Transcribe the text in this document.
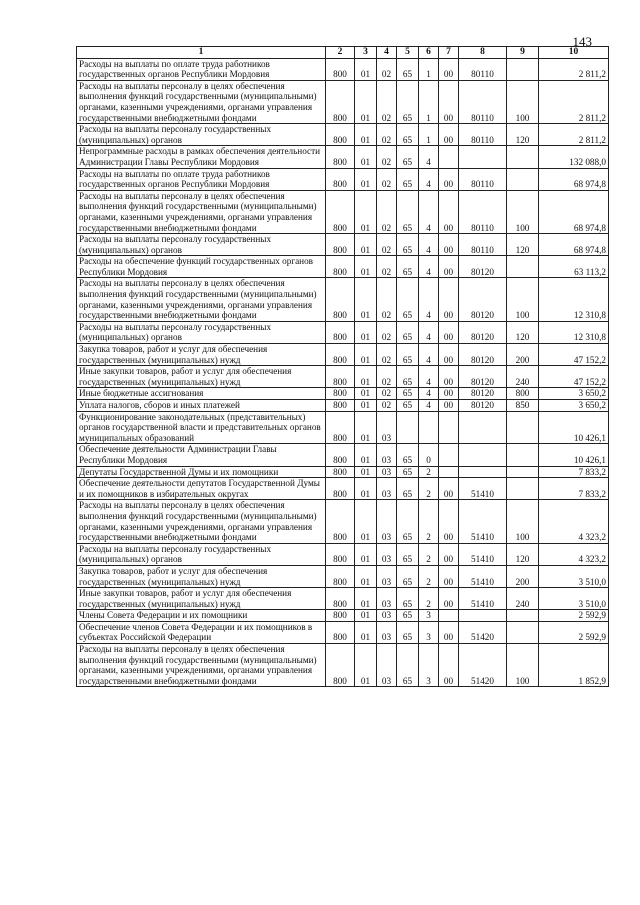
143
1	2	3	4	5	6	7	8	9	10
Расходы на выплаты по оплате труда работников государственных органов Республики Мордовия	800	01	02	65	1	00	80110		2 811,2
Расходы на выплаты персоналу в целях обеспечения выполнения функций государственными (муниципальными) органами, казенными учреждениями, органами управления государственными внебюджетными фондами	800	01	02	65	1	00	80110	100	2 811,2
Расходы на выплаты персоналу государственных (муниципальных) органов	800	01	02	65	1	00	80110	120	2 811,2
Непрограммные расходы в рамках обеспечения деятельности Администрации Главы Республики Мордовия	800	01	02	65	4				132 088,0
Расходы на выплаты по оплате труда работников государственных органов Республики Мордовия	800	01	02	65	4	00	80110		68 974,8
Расходы на выплаты персоналу в целях обеспечения выполнения функций государственными (муниципальными) органами, казенными учреждениями, органами управления государственными внебюджетными фондами	800	01	02	65	4	00	80110	100	68 974,8
Расходы на выплаты персоналу государственных (муниципальных) органов	800	01	02	65	4	00	80110	120	68 974,8
Расходы на обеспечение функций государственных органов Республики Мордовия	800	01	02	65	4	00	80120		63 113,2
Расходы на выплаты персоналу в целях обеспечения выполнения функций государственными (муниципальными) органами, казенными учреждениями, органами управления государственными внебюджетными фондами	800	01	02	65	4	00	80120	100	12 310,8
Расходы на выплаты персоналу государственных (муниципальных) органов	800	01	02	65	4	00	80120	120	12 310,8
Закупка товаров, работ и услуг для обеспечения государственных (муниципальных) нужд	800	01	02	65	4	00	80120	200	47 152,2
Иные закупки товаров, работ и услуг для обеспечения государственных (муниципальных) нужд	800	01	02	65	4	00	80120	240	47 152,2
Иные бюджетные ассигнования	800	01	02	65	4	00	80120	800	3 650,2
Уплата налогов, сборов и иных платежей	800	01	02	65	4	00	80120	850	3 650,2
Функционирование законодательных (представительных) органов государственной власти и представительных органов муниципальных образований	800	01	03						10 426,1
Обеспечение деятельности Администрации Главы Республики Мордовия	800	01	03	65	0				10 426,1
Депутаты Государственной Думы и их помощники	800	01	03	65	2				7 833,2
Обеспечение деятельности депутатов Государственной Думы и их помощников в избирательных округах	800	01	03	65	2	00	51410		7 833,2
Расходы на выплаты персоналу в целях обеспечения выполнения функций государственными (муниципальными) органами, казенными учреждениями, органами управления государственными внебюджетными фондами	800	01	03	65	2	00	51410	100	4 323,2
Расходы на выплаты персоналу государственных (муниципальных) органов	800	01	03	65	2	00	51410	120	4 323,2
Закупка товаров, работ и услуг для обеспечения государственных (муниципальных) нужд	800	01	03	65	2	00	51410	200	3 510,0
Иные закупки товаров, работ и услуг для обеспечения государственных (муниципальных) нужд	800	01	03	65	2	00	51410	240	3 510,0
Члены Совета Федерации и их помощники	800	01	03	65	3				2 592,9
Обеспечение членов Совета Федерации и их помощников в субъектах Российской Федерации	800	01	03	65	3	00	51420		2 592,9
Расходы на выплаты персоналу в целях обеспечения выполнения функций государственными (муниципальными) органами, казенными учреждениями, органами управления государственными внебюджетными фондами	800	01	03	65	3	00	51420	100	1 852,9
